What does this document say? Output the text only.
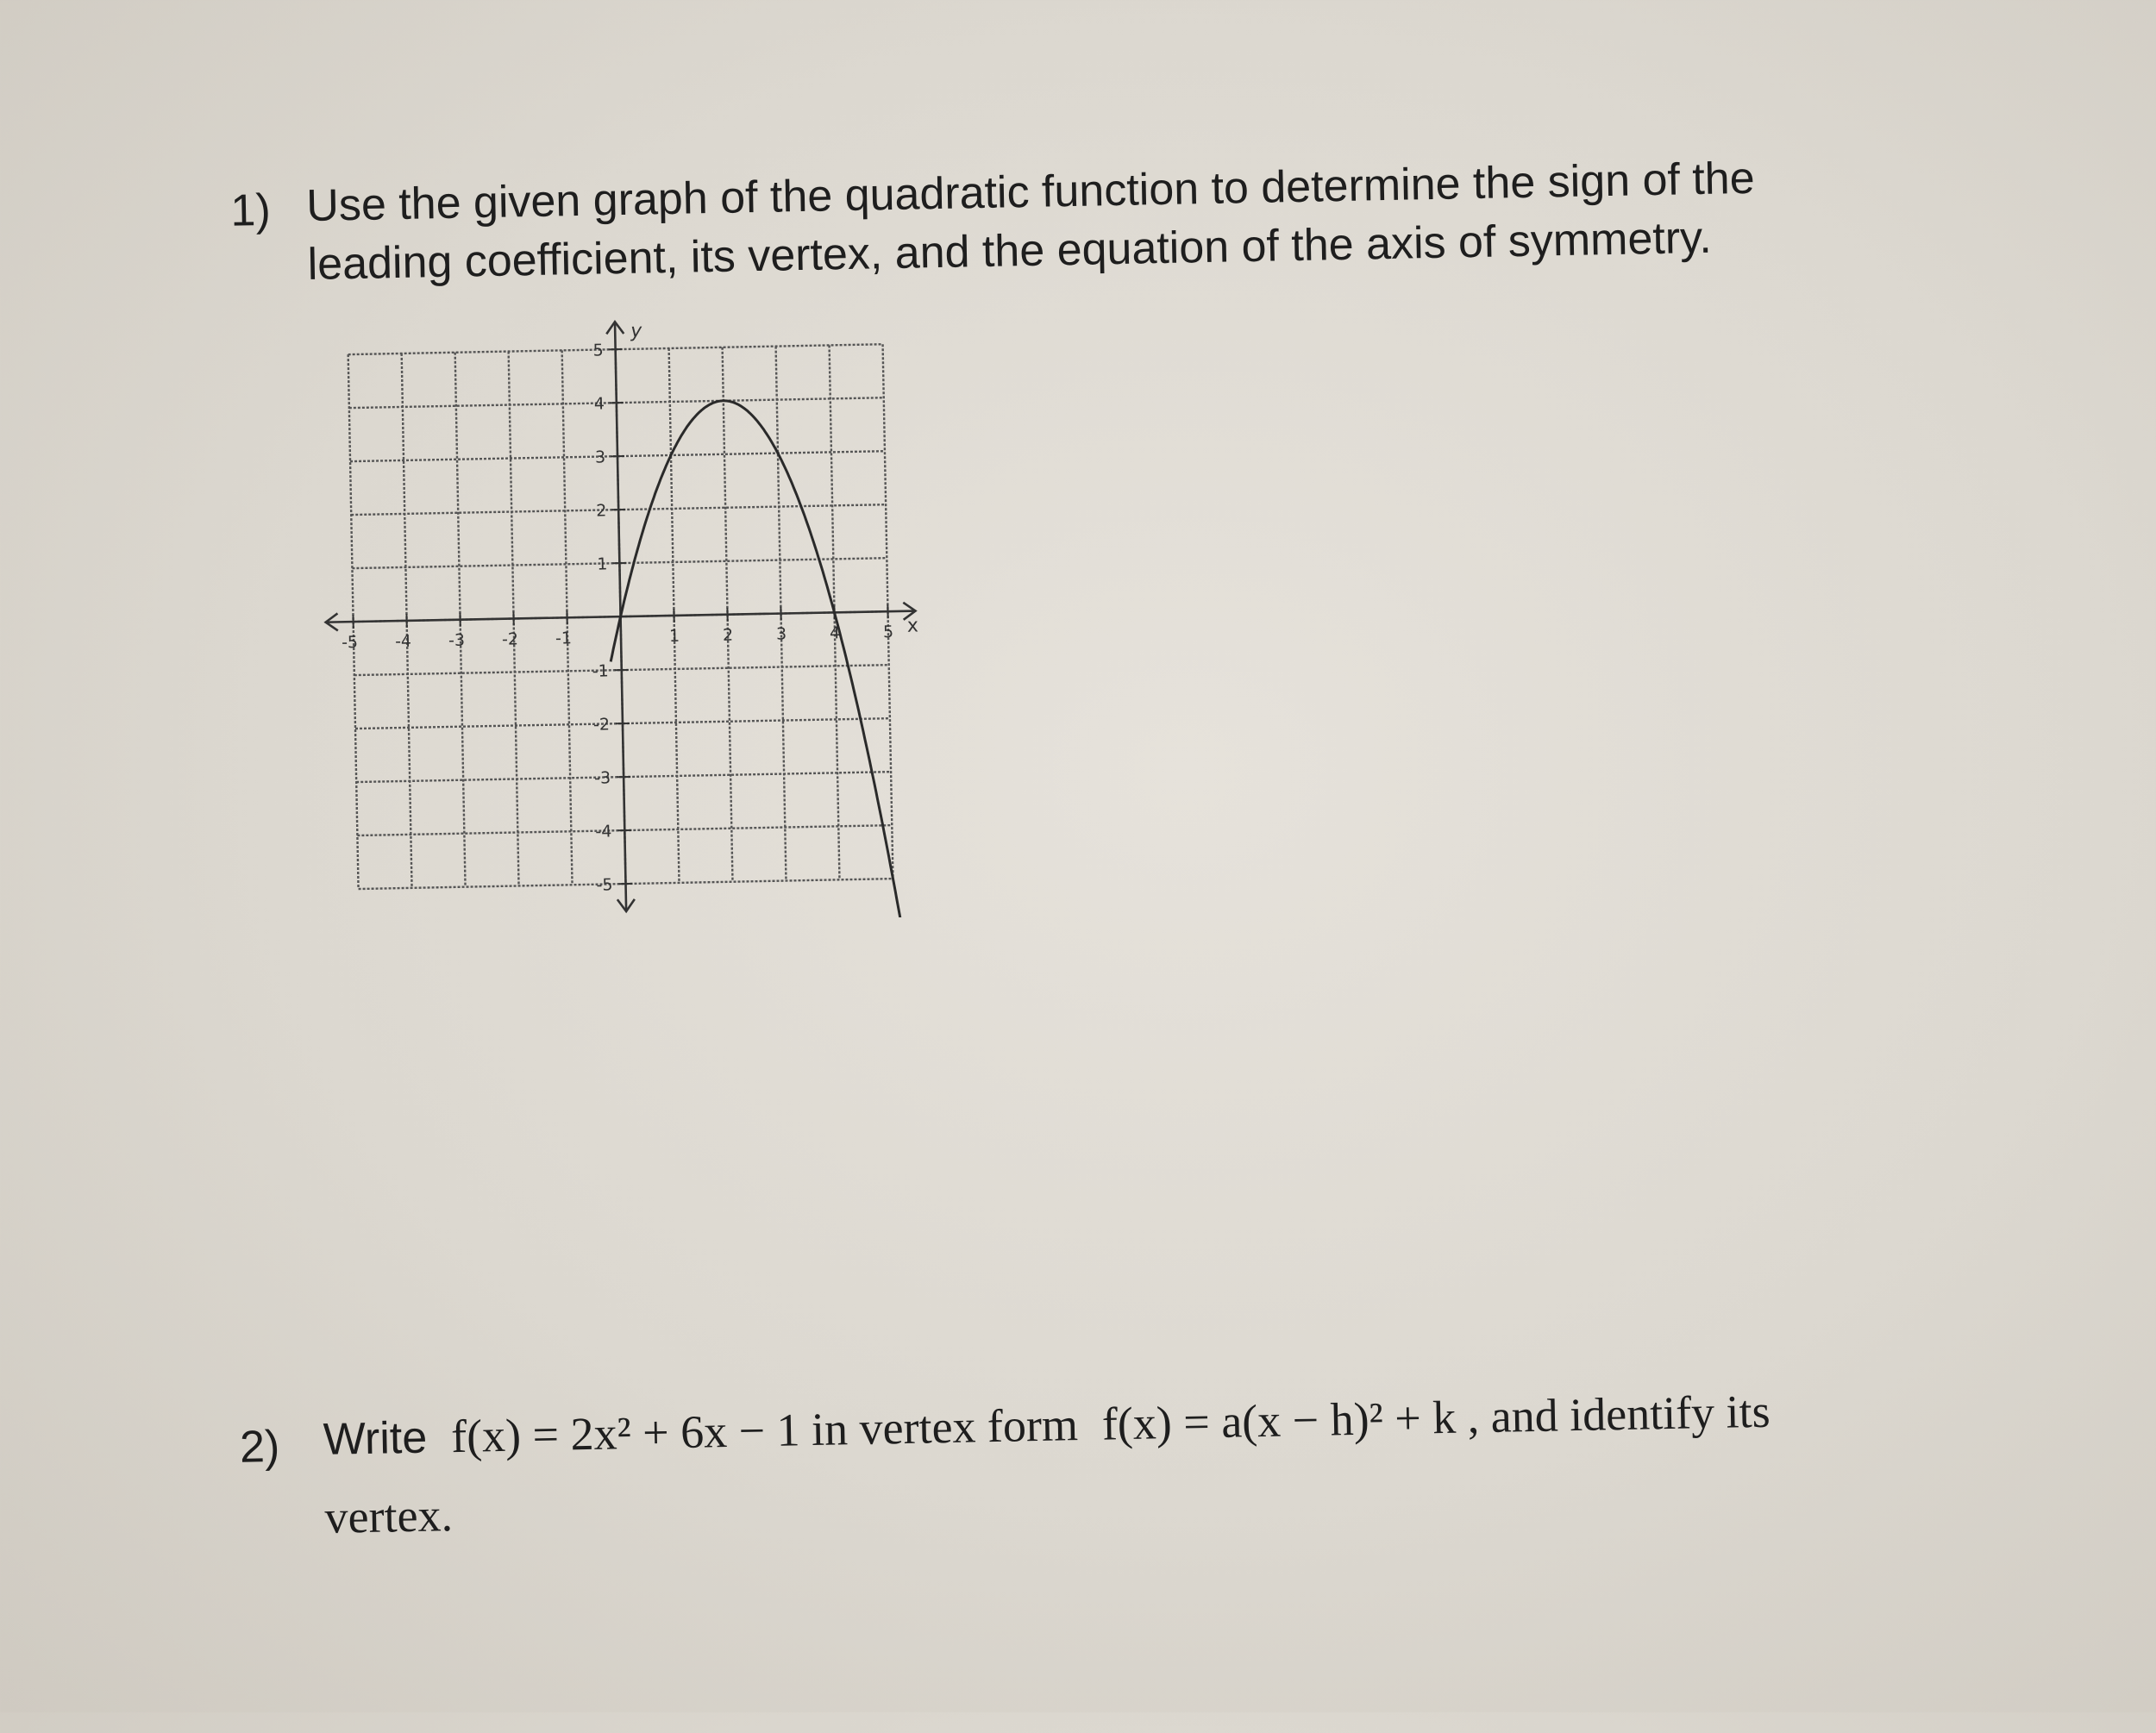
1) Use the given graph of the quadratic function to determine the sign of the
leading coefficient, its vertex, and the equation of the axis of symmetry.
x
y
-5 -4 -3 -2 -1	1	2	3	4	5
5
4
3
2
1
-1
-2
-3
-4
-5
2) Write f(x) = 2x² + 6x − 1 in vertex form f(x) = a(x − h)² + k , and identify its
vertex.
